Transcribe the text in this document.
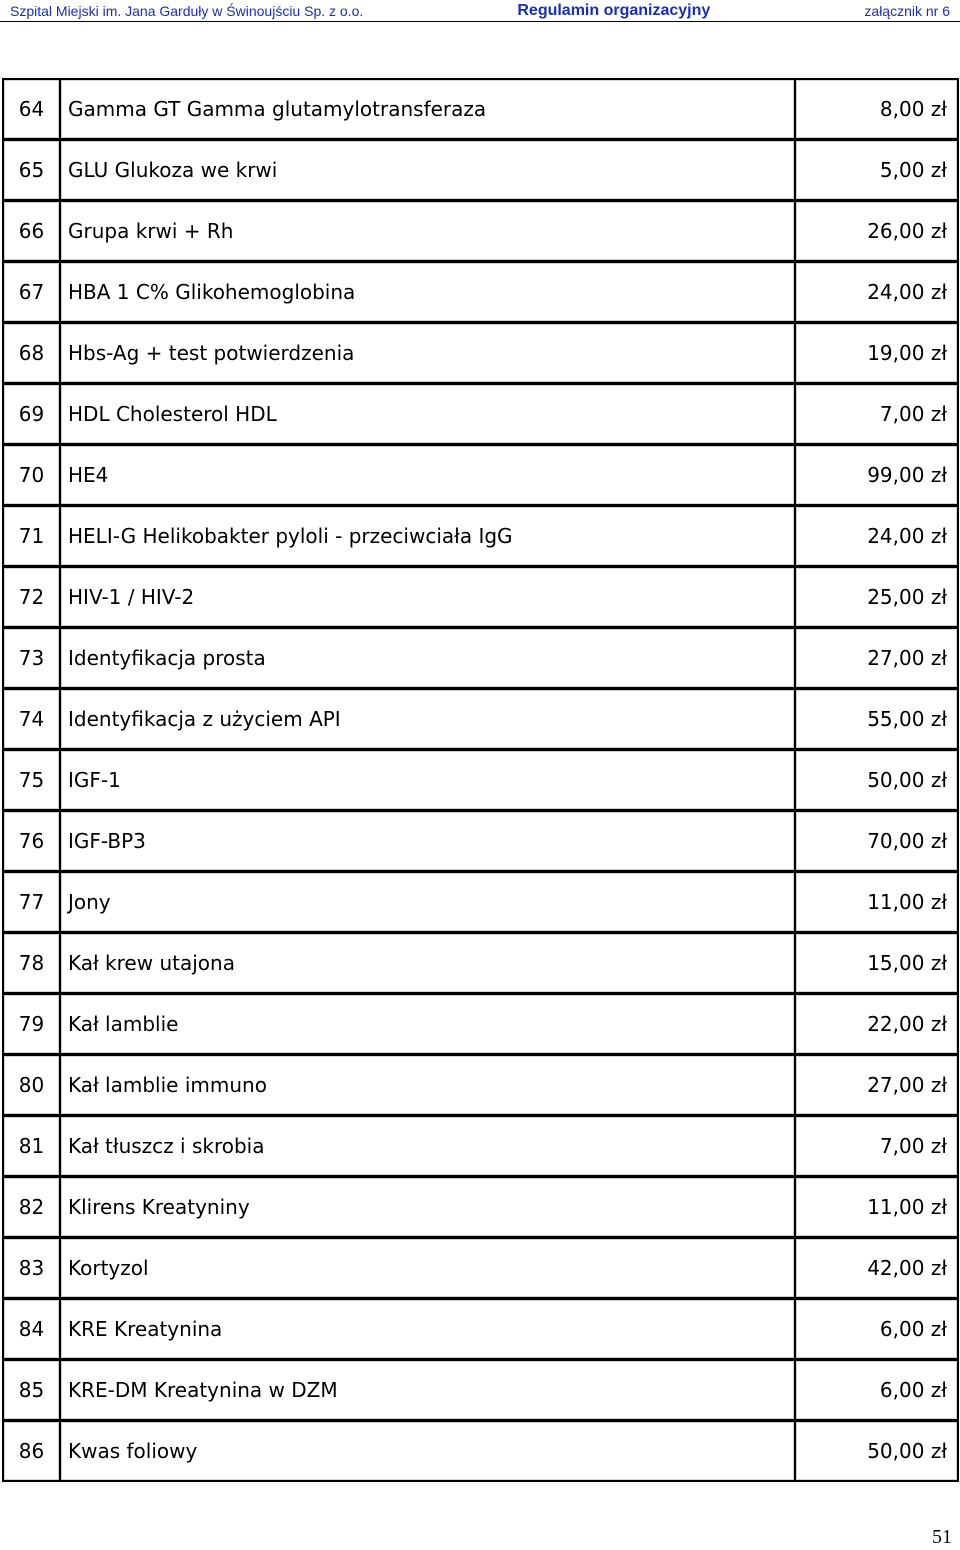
Szpital Miejski im. Jana Garduły w Świnoujściu Sp. z o.o.	Regulamin organizacyjny	załącznik nr 6
64	Gamma GT Gamma glutamylotransferaza	8,00 zł
65	GLU Glukoza we krwi	5,00 zł
66	Grupa krwi + Rh	26,00 zł
67	HBA 1 C% Glikohemoglobina	24,00 zł
68	Hbs-Ag + test potwierdzenia	19,00 zł
69	HDL Cholesterol HDL	7,00 zł
70	HE4	99,00 zł
71	HELI-G Helikobakter pyloli - przeciwciała IgG	24,00 zł
72	HIV-1 / HIV-2	25,00 zł
73	Identyfikacja prosta	27,00 zł
74	Identyfikacja z użyciem API	55,00 zł
75	IGF-1	50,00 zł
76	IGF-BP3	70,00 zł
77	Jony	11,00 zł
78	Kał krew utajona	15,00 zł
79	Kał lamblie	22,00 zł
80	Kał lamblie immuno	27,00 zł
81	Kał tłuszcz i skrobia	7,00 zł
82	Klirens Kreatyniny	11,00 zł
83	Kortyzol	42,00 zł
84	KRE Kreatynina	6,00 zł
85	KRE-DM Kreatynina w DZM	6,00 zł
86	Kwas foliowy	50,00 zł
51
